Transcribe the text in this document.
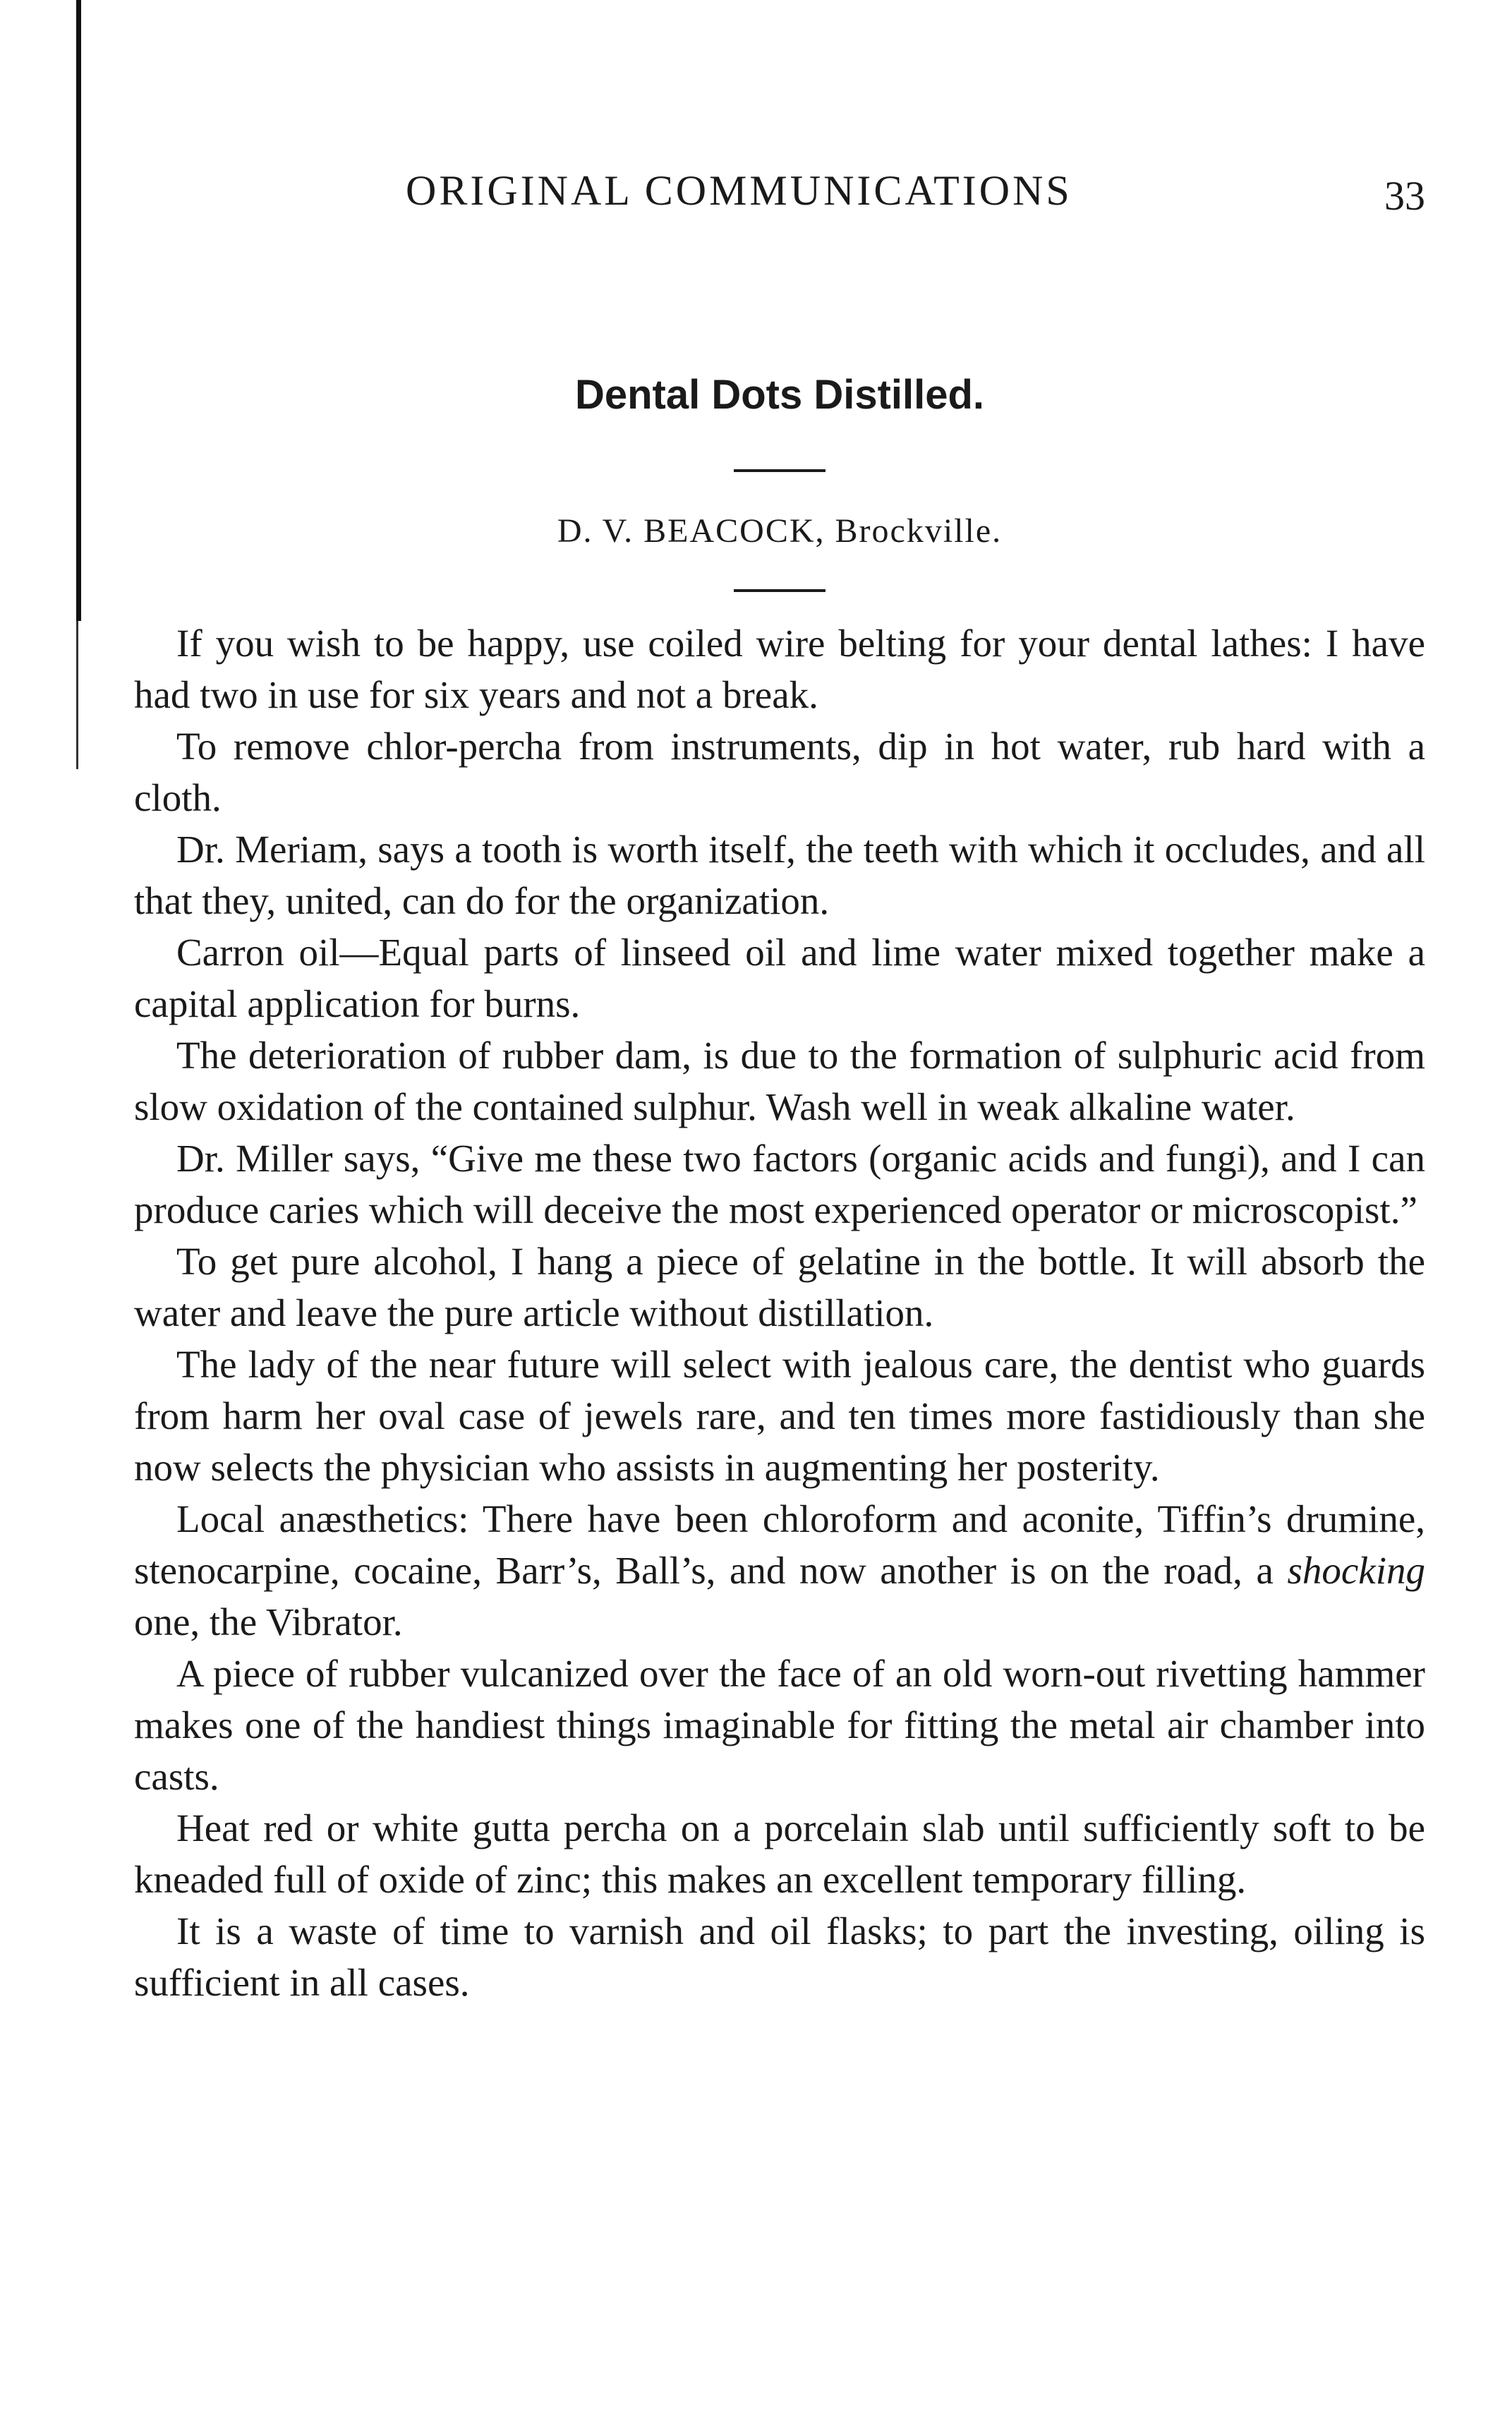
ORIGINAL COMMUNICATIONS	33
Dental Dots Distilled.
D. V. BEACOCK, Brockville.

If you wish to be happy, use coiled wire belting for your dental lathes: I have had two in use for six years and not a break.

To remove chlor-percha from instruments, dip in hot water, rub hard with a cloth.

Dr. Meriam, says a tooth is worth itself, the teeth with which it occludes, and all that they, united, can do for the organization.

Carron oil—Equal parts of linseed oil and lime water mixed together make a capital application for burns.

The deterioration of rubber dam, is due to the formation of sulphuric acid from slow oxidation of the contained sulphur. Wash well in weak alkaline water.

Dr. Miller says, “Give me these two factors (organic acids and fungi), and I can produce caries which will deceive the most experienced operator or microscopist.”

To get pure alcohol, I hang a piece of gelatine in the bottle. It will absorb the water and leave the pure article without distillation.

The lady of the near future will select with jealous care, the dentist who guards from harm her oval case of jewels rare, and ten times more fastidiously than she now selects the physician who assists in augmenting her posterity.

Local anæsthetics: There have been chloroform and aconite, Tiffin’s drumine, stenocarpine, cocaine, Barr’s, Ball’s, and now another is on the road, a shocking one, the Vibrator.

A piece of rubber vulcanized over the face of an old worn-out rivetting hammer makes one of the handiest things imaginable for fitting the metal air chamber into casts.

Heat red or white gutta percha on a porcelain slab until sufficiently soft to be kneaded full of oxide of zinc; this makes an excellent temporary filling.

It is a waste of time to varnish and oil flasks; to part the investing, oiling is sufficient in all cases.
